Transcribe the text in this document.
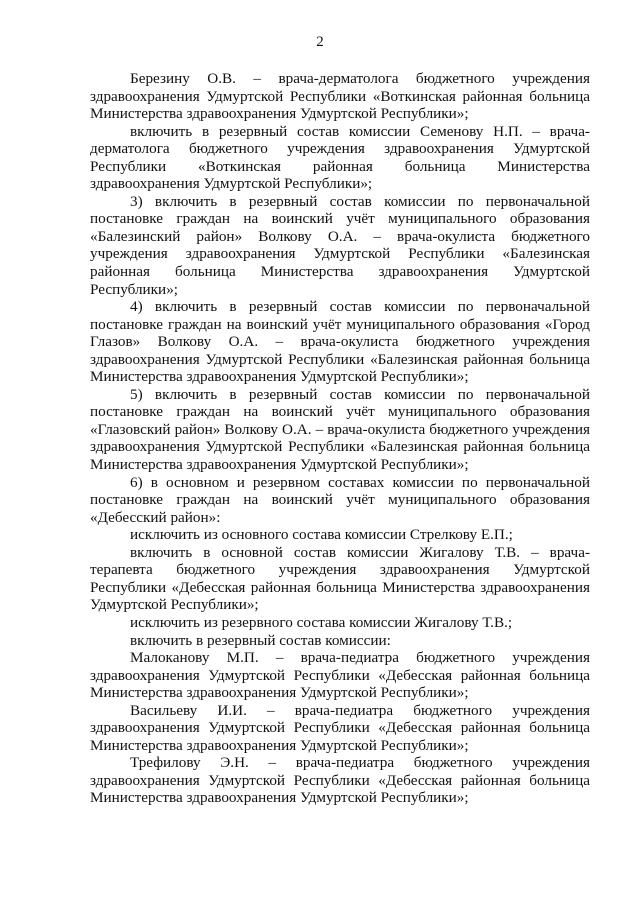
2

Березину О.В. – врача-дерматолога бюджетного учреждения здравоохранения Удмуртской Республики «Воткинская районная больница Министерства здравоохранения Удмуртской Республики»;

включить в резервный состав комиссии Семенову Н.П. – врача-дерматолога бюджетного учреждения здравоохранения Удмуртской Республики «Воткинская районная больница Министерства здравоохранения Удмуртской Республики»;

3) включить в резервный состав комиссии по первоначальной постановке граждан на воинский учёт муниципального образования «Балезинский район» Волкову О.А. – врача-окулиста бюджетного учреждения здравоохранения Удмуртской Республики «Балезинская районная больница Министерства здравоохранения Удмуртской Республики»;

4) включить в резервный состав комиссии по первоначальной постановке граждан на воинский учёт муниципального образования «Город Глазов» Волкову О.А. – врача-окулиста бюджетного учреждения здравоохранения Удмуртской Республики «Балезинская районная больница Министерства здравоохранения Удмуртской Республики»;

5) включить в резервный состав комиссии по первоначальной постановке граждан на воинский учёт муниципального образования «Глазовский район» Волкову О.А. – врача-окулиста бюджетного учреждения здравоохранения Удмуртской Республики «Балезинская районная больница Министерства здравоохранения Удмуртской Республики»;

6) в основном и резервном составах комиссии по первоначальной постановке граждан на воинский учёт муниципального образования «Дебесский район»:

исключить из основного состава комиссии Стрелкову Е.П.;

включить в основной состав комиссии Жигалову Т.В. – врача-терапевта бюджетного учреждения здравоохранения Удмуртской Республики «Дебесская районная больница Министерства здравоохранения Удмуртской Республики»;

исключить из резервного состава комиссии Жигалову Т.В.;

включить в резервный состав комиссии:

Малоканову М.П. – врача-педиатра бюджетного учреждения здравоохранения Удмуртской Республики «Дебесская районная больница Министерства здравоохранения Удмуртской Республики»;

Васильеву И.И. – врача-педиатра бюджетного учреждения здравоохранения Удмуртской Республики «Дебесская районная больница Министерства здравоохранения Удмуртской Республики»;

Трефилову Э.Н. – врача-педиатра бюджетного учреждения здравоохранения Удмуртской Республики «Дебесская районная больница Министерства здравоохранения Удмуртской Республики»;
